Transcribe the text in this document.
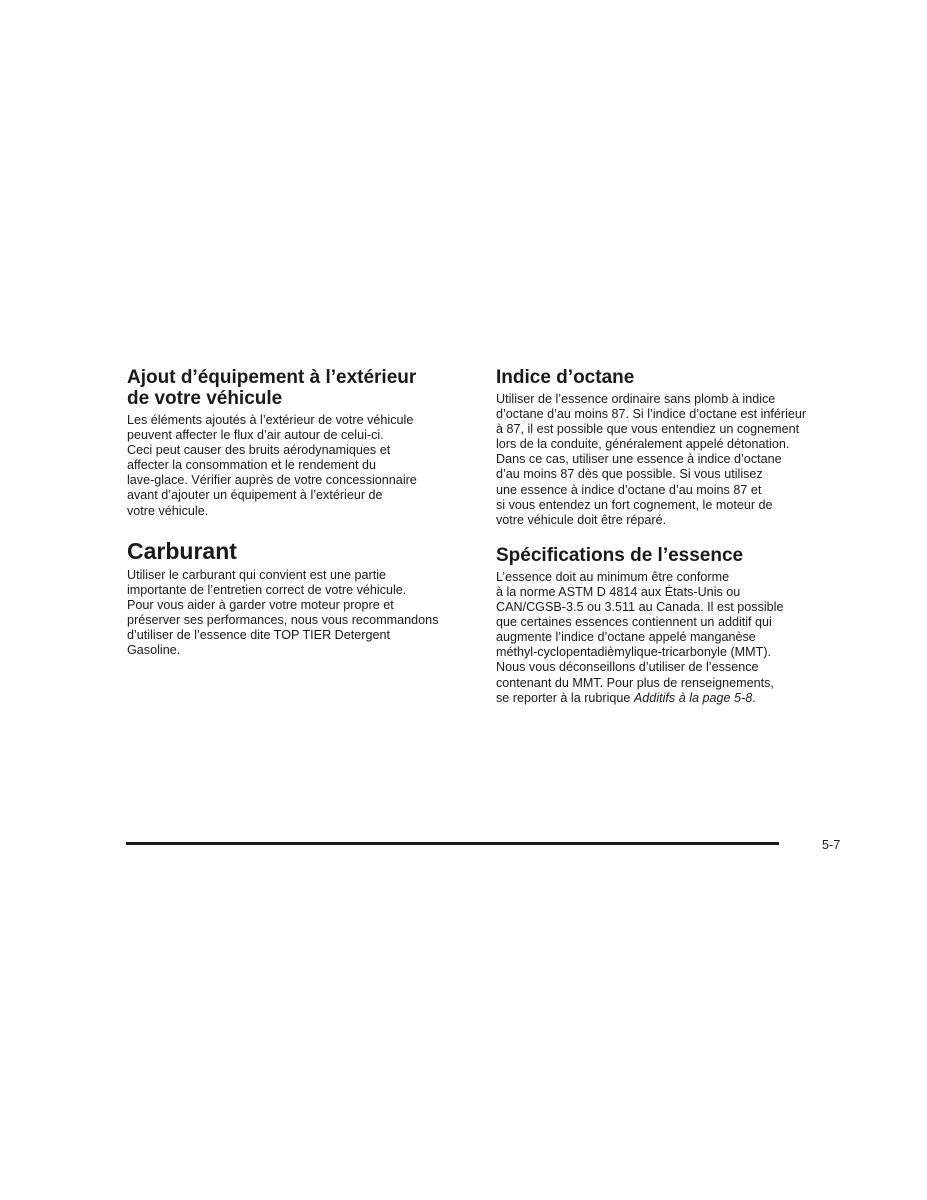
Ajout d’équipement à l’extérieur
de votre véhicule
Les éléments ajoutés à l’extérieur de votre véhicule
peuvent affecter le flux d’air autour de celui-ci.
Ceci peut causer des bruits aérodynamiques et
affecter la consommation et le rendement du
lave-glace. Vérifier auprès de votre concessionnaire
avant d’ajouter un équipement à l’extérieur de
votre véhicule.
Carburant
Utiliser le carburant qui convient est une partie
importante de l’entretien correct de votre véhicule.
Pour vous aider à garder votre moteur propre et
préserver ses performances, nous vous recommandons
d’utiliser de l’essence dite TOP TIER Detergent
Gasoline.
Indice d’octane
Utiliser de l’essence ordinaire sans plomb à indice
d’octane d’au moins 87. Si l’indice d’octane est inférieur
à 87, il est possible que vous entendiez un cognement
lors de la conduite, généralement appelé détonation.
Dans ce cas, utiliser une essence à indice d’octane
d’au moins 87 dès que possible. Si vous utilisez
une essence à indice d’octane d’au moins 87 et
si vous entendez un fort cognement, le moteur de
votre véhicule doit être réparé.
Spécifications de l’essence
L’essence doit au minimum être conforme
à la norme ASTM D 4814 aux États-Unis ou
CAN/CGSB-3.5 ou 3.511 au Canada. Il est possible
que certaines essences contiennent un additif qui
augmente l’indice d’octane appelé manganèse
méthyl-cyclopentadièmylique-tricarbonyle (MMT).
Nous vous déconseillons d’utiliser de l’essence
contenant du MMT. Pour plus de renseignements,
se reporter à la rubrique Additifs à la page 5-8.
5-7
